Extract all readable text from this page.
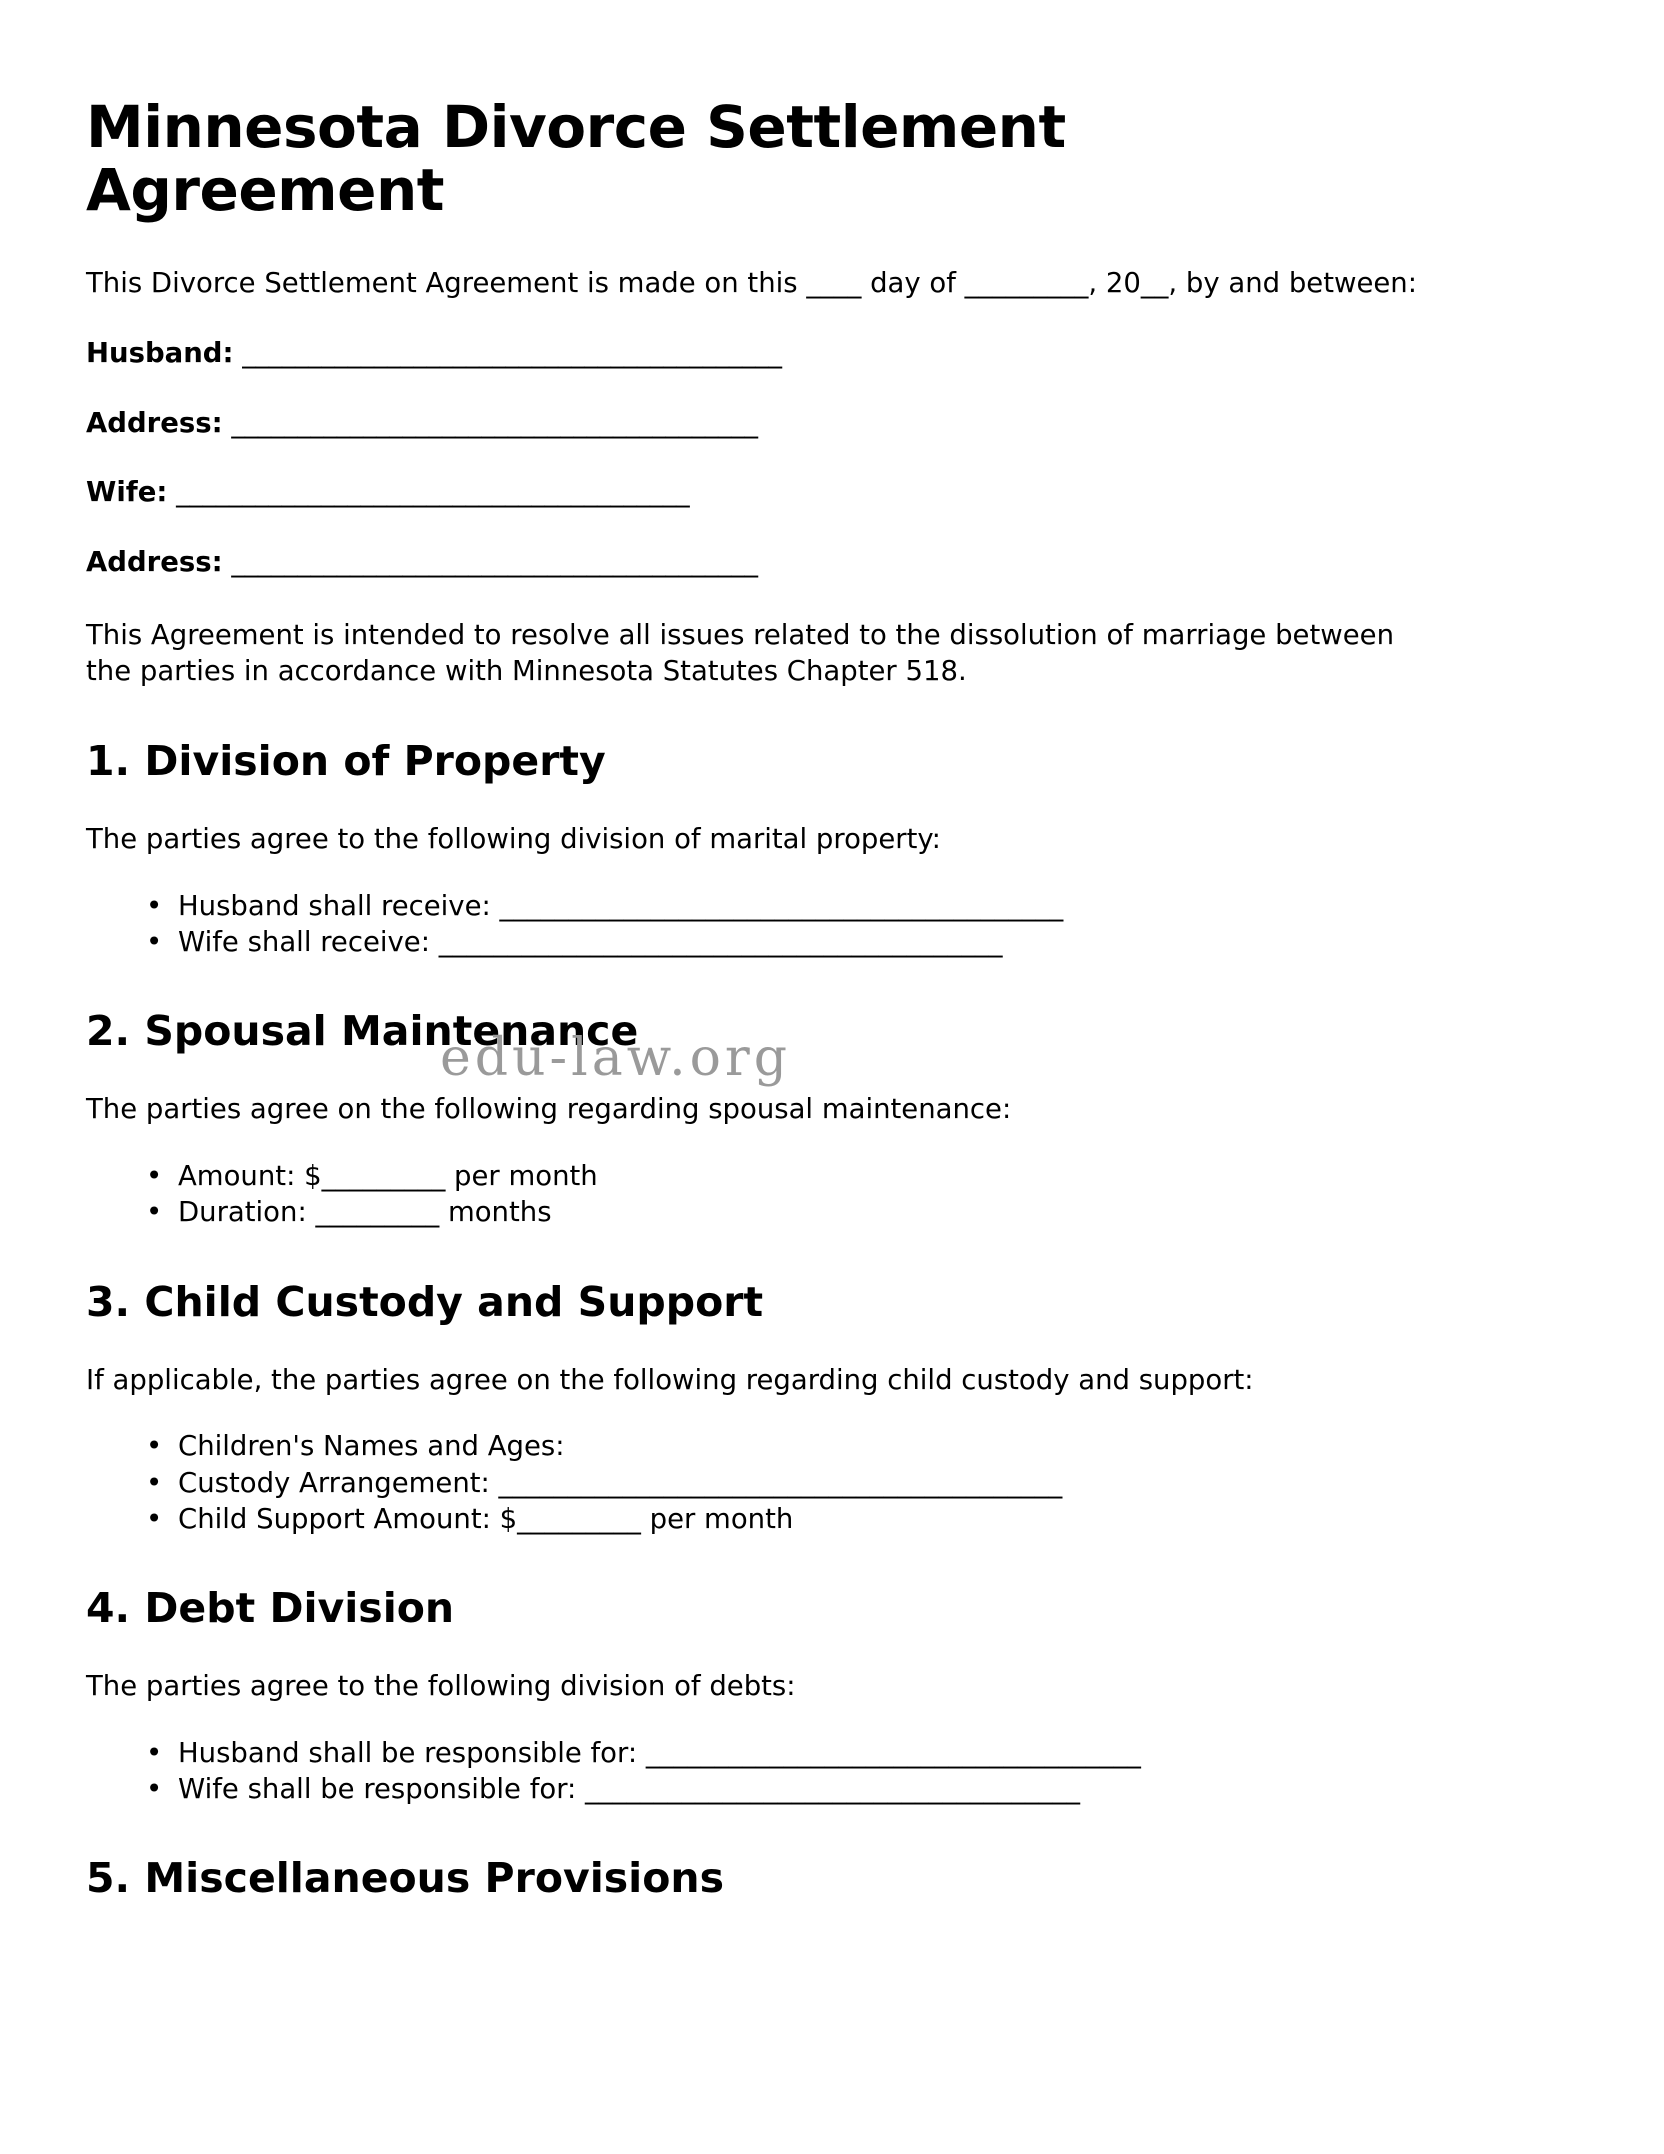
Minnesota Divorce Settlement Agreement

This Divorce Settlement Agreement is made on this ____ day of _________, 20__, by and between:

Husband: _________________________________________
Address: ________________________________________
Wife: _______________________________________
Address: ________________________________________

This Agreement is intended to resolve all issues related to the dissolution of marriage between the parties in accordance with Minnesota Statutes Chapter 518.

1. Division of Property

The parties agree to the following division of marital property:

• Husband shall receive: _________________________________________
• Wife shall receive: _________________________________________
2. Spousal Maintenance

The parties agree on the following regarding spousal maintenance:

• Amount: $_________ per month
• Duration: _________ months
3. Child Custody and Support

If applicable, the parties agree on the following regarding child custody and support:

• Children's Names and Ages:
• Custody Arrangement: _________________________________________
• Child Support Amount: $_________ per month
4. Debt Division

The parties agree to the following division of debts:

• Husband shall be responsible for: ____________________________________
• Wife shall be responsible for: ____________________________________
5. Miscellaneous Provisions
edu-law.org
